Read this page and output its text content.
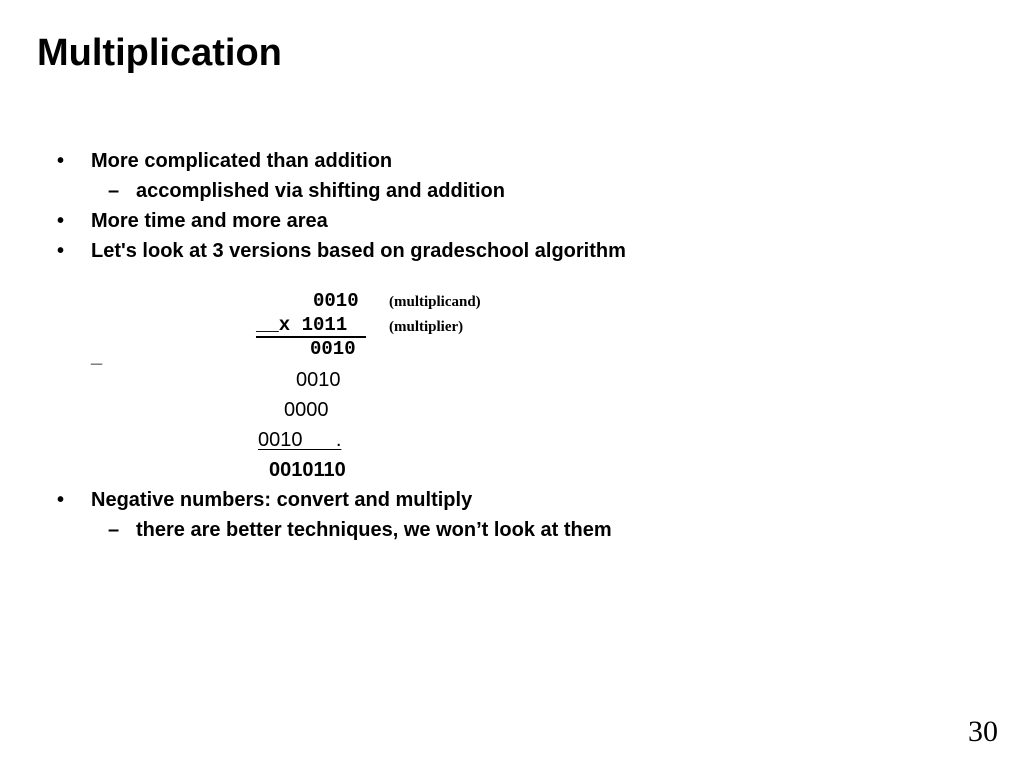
Multiplication
• More complicated than addition
– accomplished via shifting and addition
• More time and more area
• Let's look at 3 versions based on gradeschool algorithm
0010 (multiplicand)
__x 1011	(multiplier)
0010
_
0010
0000
0010      .
0010110
• Negative numbers: convert and multiply
– there are better techniques, we won’t look at them
30
